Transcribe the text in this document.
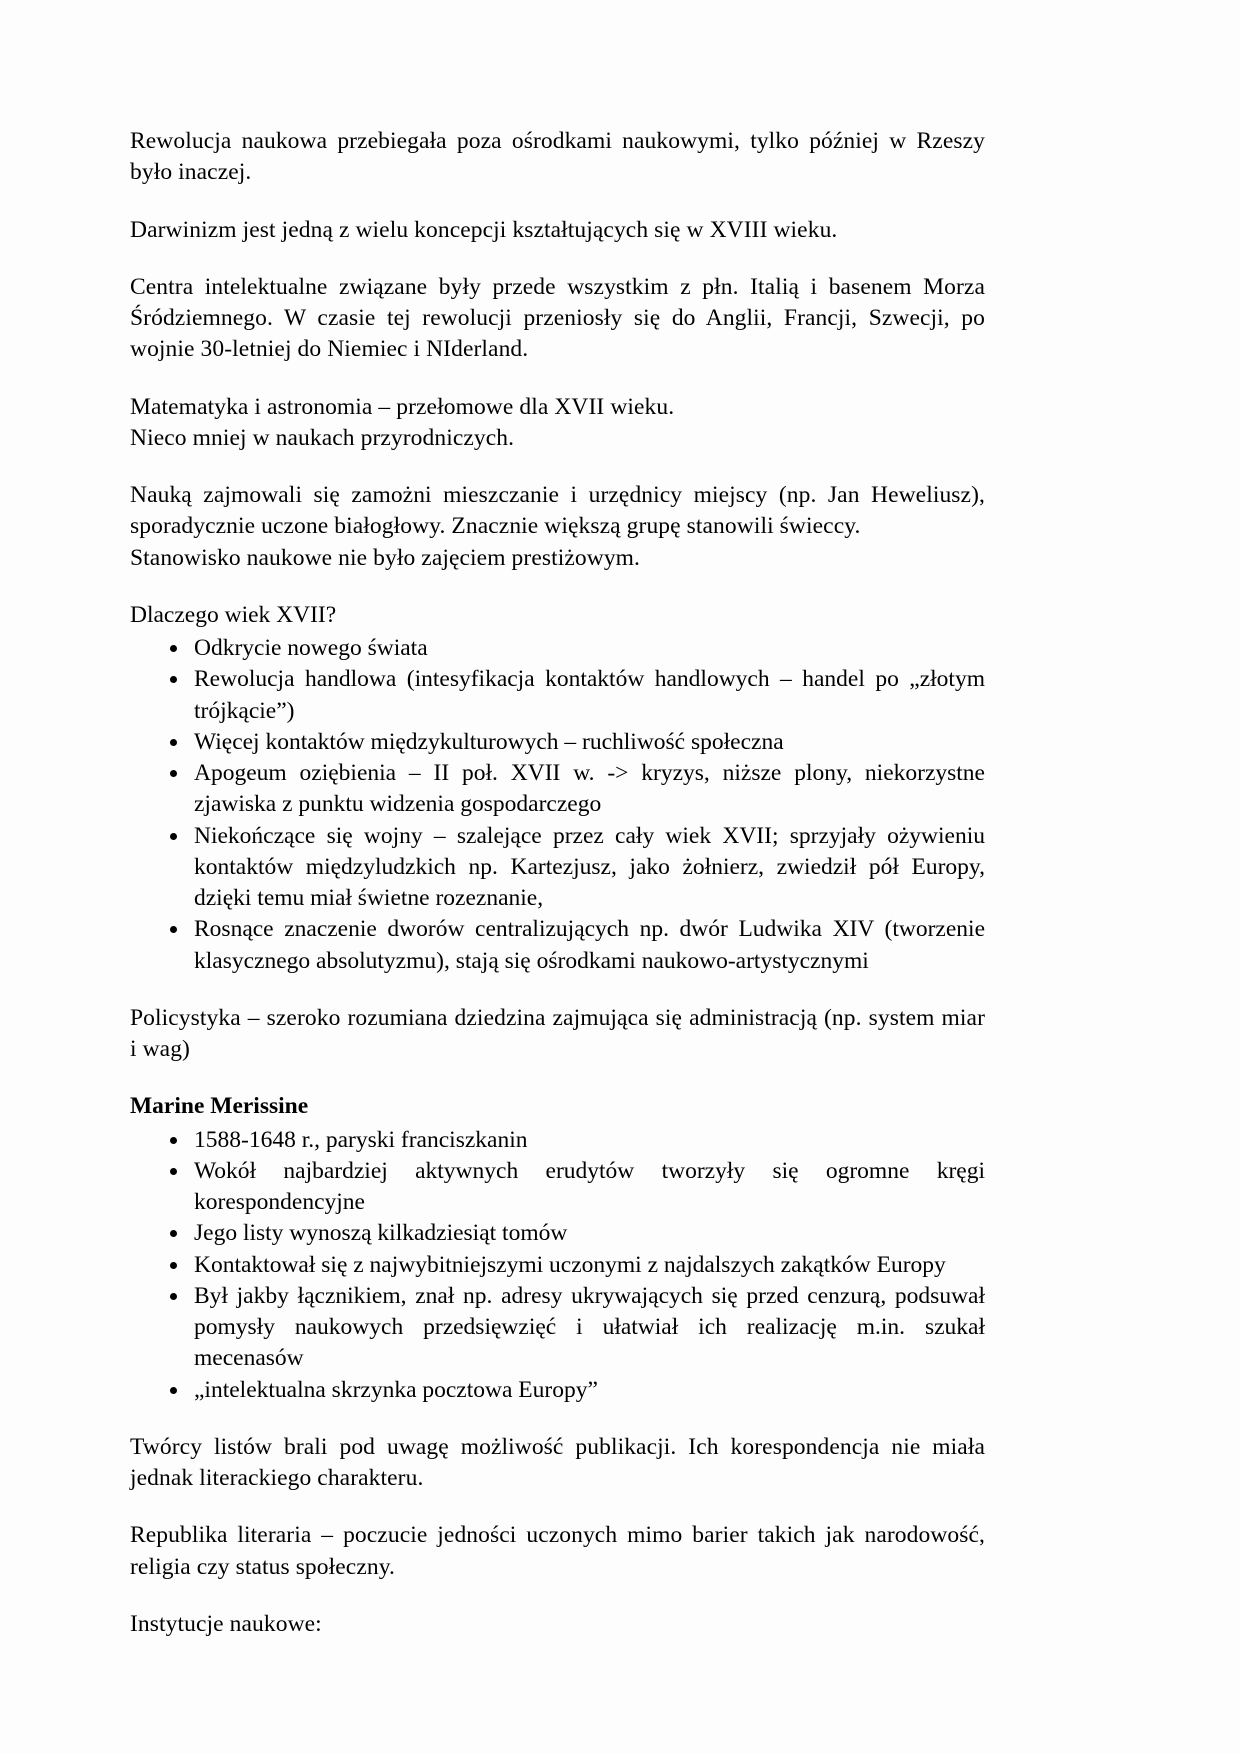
Rewolucja naukowa przebiegała poza ośrodkami naukowymi, tylko później w Rzeszy było inaczej.

Darwinizm jest jedną z wielu koncepcji kształtujących się w XVIII wieku.

Centra intelektualne związane były przede wszystkim z płn. Italią i basenem Morza Śródziemnego. W czasie tej rewolucji przeniosły się do Anglii, Francji, Szwecji, po wojnie 30-letniej do Niemiec i NIderland.

Matematyka i astronomia – przełomowe dla XVII wieku.

Nieco mniej w naukach przyrodniczych.

Nauką zajmowali się zamożni mieszczanie i urzędnicy miejscy (np. Jan Heweliusz), sporadycznie uczone białogłowy. Znacznie większą grupę stanowili świeccy.

Stanowisko naukowe nie było zajęciem prestiżowym.

Dlaczego wiek XVII?

Odkrycie nowego świata
Rewolucja handlowa (intesyfikacja kontaktów handlowych – handel po „złotym trójkącie”)
Więcej kontaktów międzykulturowych – ruchliwość społeczna
Apogeum oziębienia – II poł. XVII w. -> kryzys, niższe plony, niekorzystne zjawiska z punktu widzenia gospodarczego
Niekończące się wojny – szalejące przez cały wiek XVII; sprzyjały ożywieniu kontaktów międzyludzkich np. Kartezjusz, jako żołnierz, zwiedził pół Europy, dzięki temu miał świetne rozeznanie,
Rosnące znaczenie dworów centralizujących np. dwór Ludwika XIV (tworzenie klasycznego absolutyzmu), stają się ośrodkami naukowo-artystycznymi

Policystyka – szeroko rozumiana dziedzina zajmująca się administracją (np. system miar i wag)

Marine Merissine

1588-1648 r., paryski franciszkanin
Wokół najbardziej aktywnych erudytów tworzyły się ogromne kręgi korespondencyjne
Jego listy wynoszą kilkadziesiąt tomów
Kontaktował się z najwybitniejszymi uczonymi z najdalszych zakątków Europy
Był jakby łącznikiem, znał np. adresy ukrywających się przed cenzurą, podsuwał pomysły naukowych przedsięwzięć i ułatwiał ich realizację m.in. szukał mecenasów
„intelektualna skrzynka pocztowa Europy”

Twórcy listów brali pod uwagę możliwość publikacji. Ich korespondencja nie miała jednak literackiego charakteru.

Republika literaria – poczucie jedności uczonych mimo barier takich jak narodowość, religia czy status społeczny.

Instytucje naukowe:
